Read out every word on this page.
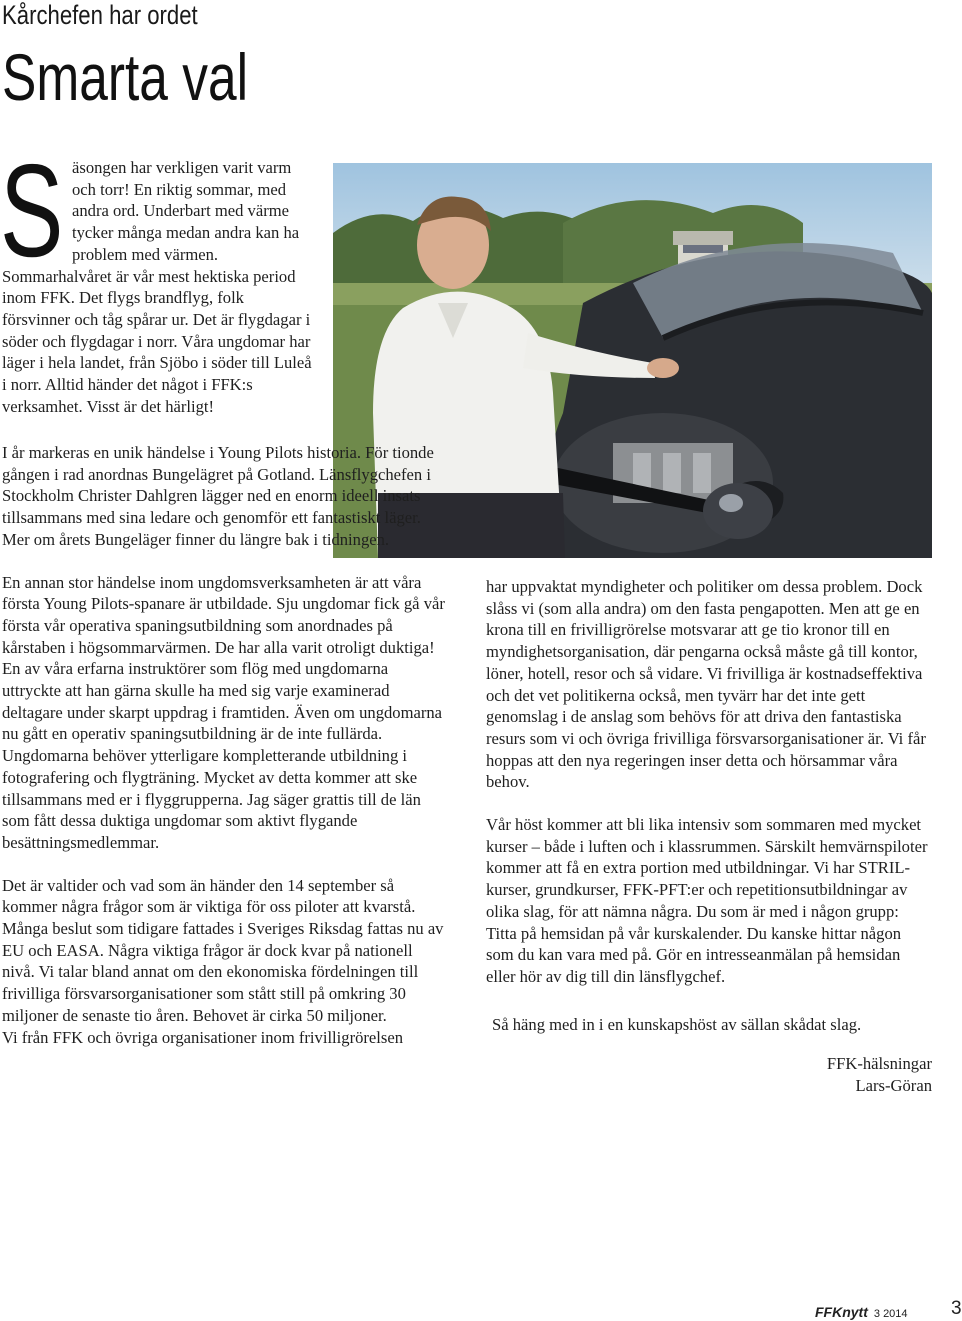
Kårchefen har ordet
Smarta val
Säsongen har verkligen varit varm och torr! En riktig sommar, med andra ord. Underbart med värme tycker många medan andra kan ha problem med värmen. Sommarhalvåret är vår mest hektiska period inom FFK. Det flygs brandflyg, folk försvinner och tåg spårar ur. Det är flygdagar i söder och flygdagar i norr. Våra ungdomar har läger i hela landet, från Sjöbo i söder till Luleå i norr. Alltid händer det något i FFK:s verksamhet. Visst är det härligt!

I år markeras en unik händelse i Young Pilots historia. För tionde gången i rad anordnas Bungelägret på Gotland. Länsflygchefen i Stockholm Christer Dahlgren lägger ned en enorm ideell insats tillsammans med sina ledare och genomför ett fantastiskt läger.

Mer om årets Bungeläger finner du längre bak i tidningen.

En annan stor händelse inom ungdomsverksamheten är att våra första Young Pilots-spanare är utbildade. Sju ungdomar fick gå vår första vår operativa spaningsutbildning som anordnades på kårstaben i högsommarvärmen. De har alla varit otroligt duktiga! En av våra erfarna instruktörer som flög med ungdomarna uttryckte att han gärna skulle ha med sig varje examinerad deltagare under skarpt uppdrag i framtiden. Även om ungdomarna nu gått en operativ spaningsutbildning är de inte fullärda. Ungdomarna behöver ytterligare kompletterande utbildning i fotografering och flygträning. Mycket av detta kommer att ske tillsammans med er i flyggrupperna. Jag säger grattis till de län som fått dessa duktiga ungdomar som aktivt flygande besättningsmedlemmar.

Det är valtider och vad som än händer den 14 september så kommer några frågor som är viktiga för oss piloter att kvarstå. Många beslut som tidigare fattades i Sveriges Riksdag fattas nu av EU och EASA. Några viktiga frågor är dock kvar på nationell nivå. Vi talar bland annat om den ekonomiska fördelningen till frivilliga försvarsorganisationer som stått still på omkring 30 miljoner de senaste tio åren. Behovet är cirka 50 miljoner.

Vi från FFK och övriga organisationer inom frivilligrörelsen

har uppvaktat myndigheter och politiker om dessa problem. Dock slåss vi (som alla andra) om den fasta pengapotten. Men att ge en krona till en frivilligrörelse motsvarar att ge tio kronor till en myndighetsorganisation, där pengarna också måste gå till kontor, löner, hotell, resor och så vidare. Vi frivilliga är kostnadseffektiva och det vet politikerna också, men tyvärr har det inte gett genomslag i de anslag som behövs för att driva den fantastiska resurs som vi och övriga frivilliga försvarsorganisationer är. Vi får hoppas att den nya regeringen inser detta och hörsammar våra behov.

Vår höst kommer att bli lika intensiv som sommaren med mycket kurser – både i luften och i klassrummen. Särskilt hemvärnspiloter kommer att få en extra portion med utbildningar. Vi har STRIL-kurser, grundkurser, FFK-PFT:er och repetitionsutbildningar av olika slag, för att nämna några. Du som är med i någon grupp: Titta på hemsidan på vår kurskalender. Du kanske hittar någon som du kan vara med på. Gör en intresseanmälan på hemsidan eller hör av dig till din länsflygchef.

Så häng med in i en kunskapshöst av sällan skådat slag.

FFK-hälsningar
Lars-Göran
FFKnytt 3 2014 3
